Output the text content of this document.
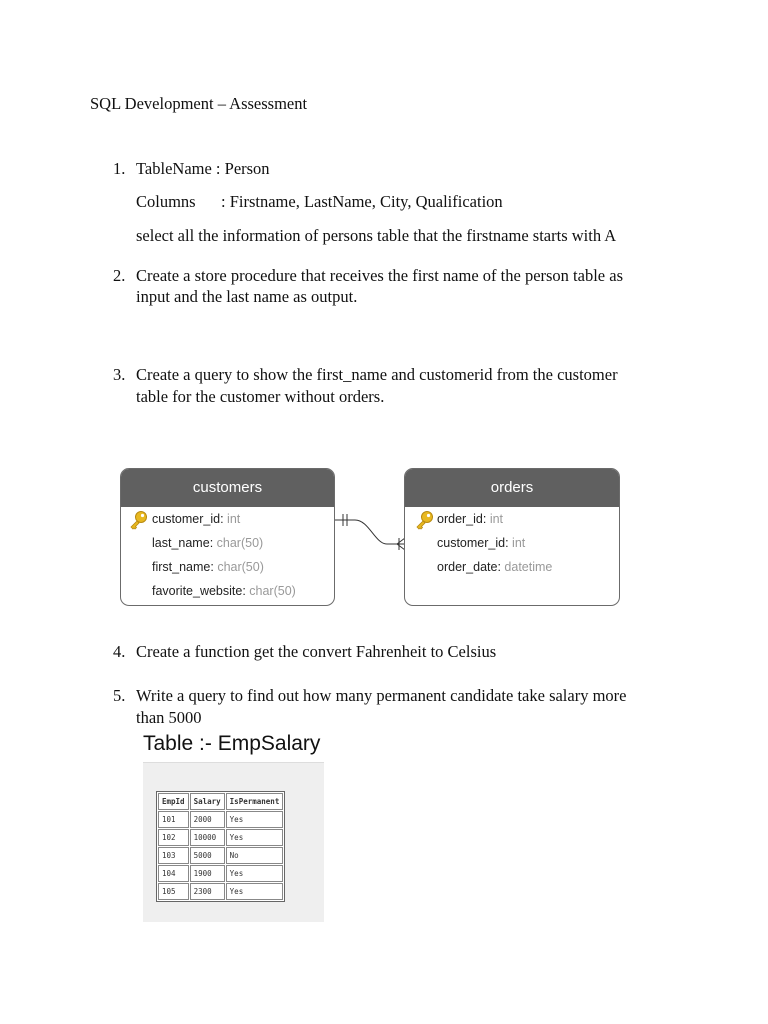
SQL Development – Assessment
1. TableName : Person
Columns : Firstname, LastName, City, Qualification
select all the information of persons table that the firstname starts with A
2. Create a store procedure that receives the first name of the person table as
input and the last name as output.
3. Create a query to show the first_name and customerid from the customer
table for the customer without orders.
customers
customer_id: int
last_name: char(50)
first_name: char(50)
favorite_website: char(50)
orders
order_id: int
customer_id: int
order_date: datetime
4. Create a function get the convert Fahrenheit to Celsius
5. Write a query to find out how many permanent candidate take salary more
than 5000
Table :- EmpSalary
EmpId	Salary	IsPermanent
101	2000	Yes
102	10000	Yes
103	5000	No
104	1900	Yes
105	2300	Yes
